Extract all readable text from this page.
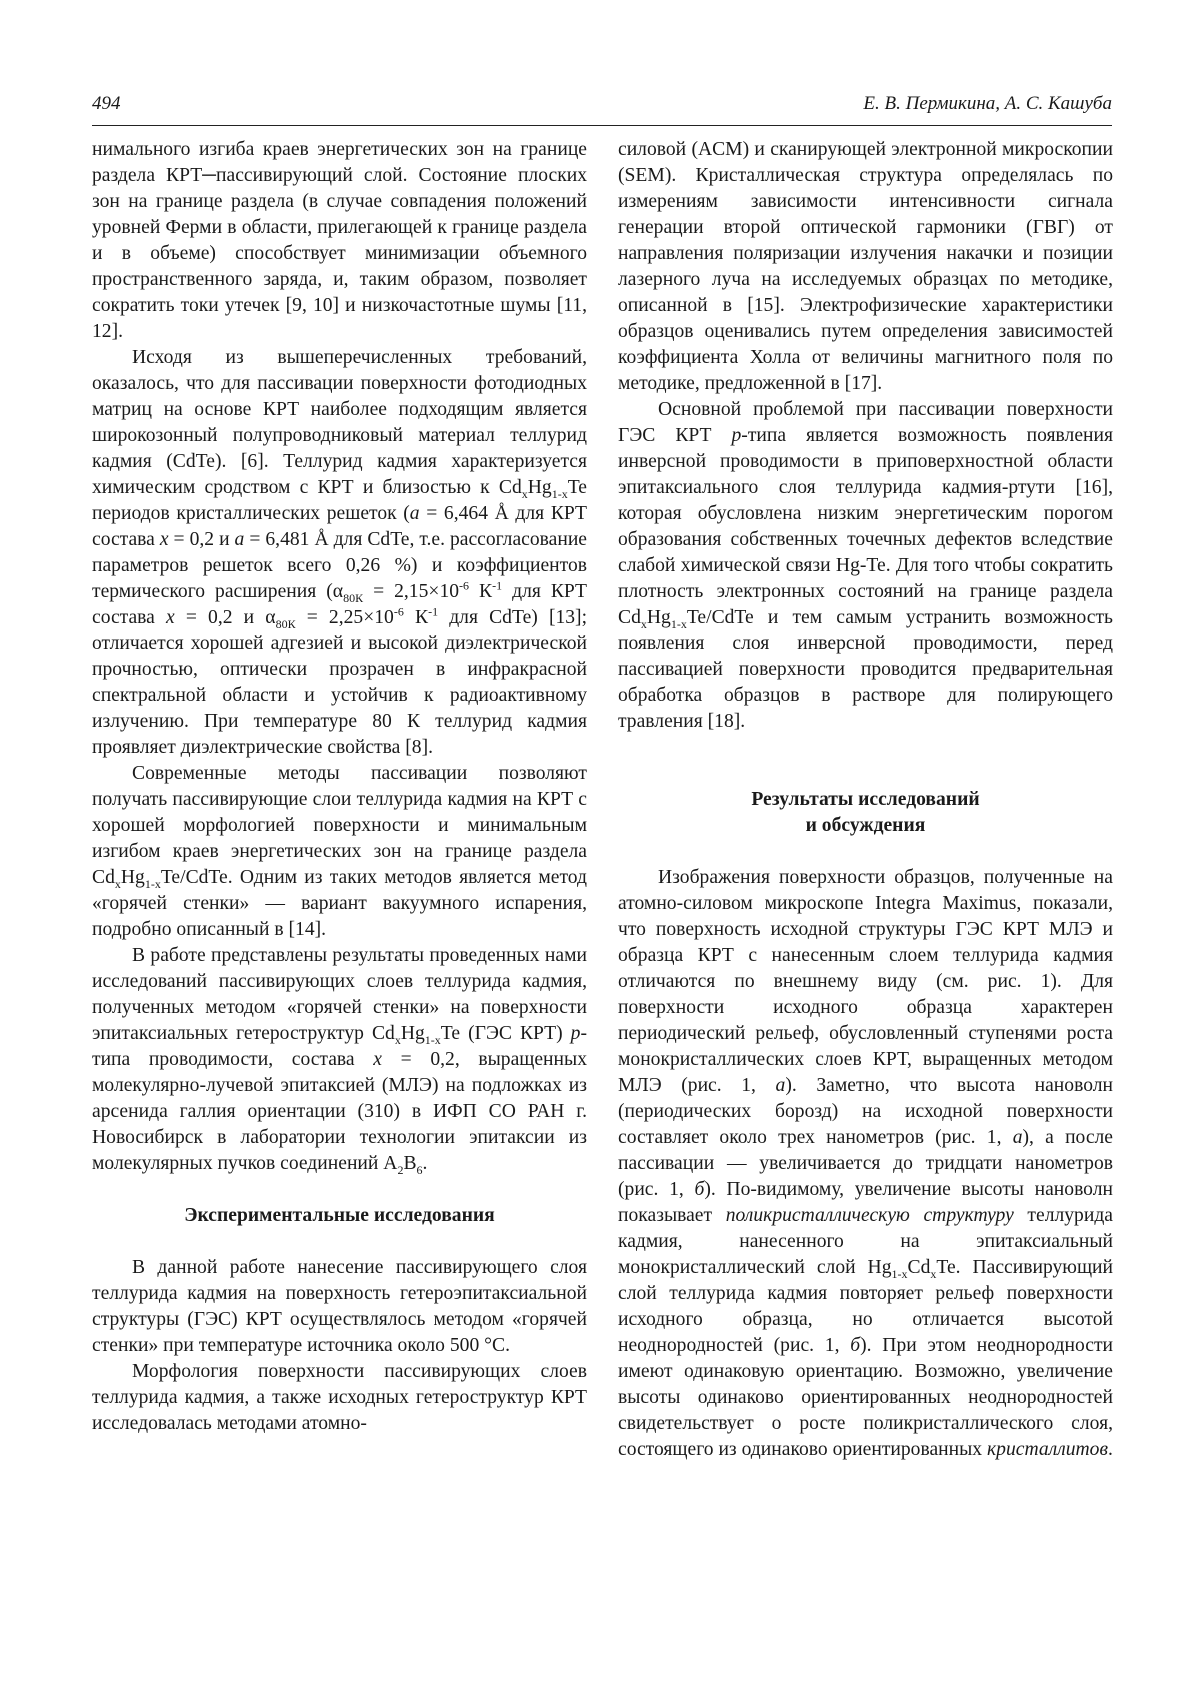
494	Е. В. Пермикина, А. С. Кашуба

нимального изгиба краев энергетических зон на границе раздела КРТ─пассивирующий слой. Состояние плоских зон на границе раздела (в случае совпадения положений уровней Ферми в области, прилегающей к границе раздела и в объеме) способствует минимизации объемного пространственного заряда, и, таким образом, позволяет сократить токи утечек [9, 10] и низкочастотные шумы [11, 12].

Исходя из вышеперечисленных требований, оказалось, что для пассивации поверхности фотодиодных матриц на основе КРТ наиболее подходящим является широкозонный полупроводниковый материал теллурид кадмия (CdTe). [6]. Теллурид кадмия характеризуется химическим сродством с КРТ и близостью к $Cd_xHg_{1-x}Te$ периодов кристаллических решеток (a = 6,464 Å для КРТ состава x = 0,2 и a = 6,481 Å для CdTe, т.е. рассогласование параметров решеток всего 0,26 %) и коэффициентов термического расширения ($\alpha_{80К} = 2,15\times 10^{-6}$ $К^{-1}$ для КРТ состава x = 0,2 и $\alpha_{80К} = 2,25\times 10^{-6}$ $К^{-1}$ для CdTe) [13]; отличается хорошей адгезией и высокой диэлектрической прочностью, оптически прозрачен в инфракрасной спектральной области и устойчив к радиоактивному излучению. При температуре 80 К теллурид кадмия проявляет диэлектрические свойства [8].

Современные методы пассивации позволяют получать пассивирующие слои теллурида кадмия на КРТ с хорошей морфологией поверхности и минимальным изгибом краев энергетических зон на границе раздела $Cd_xHg_{1-x}Te$/CdTe. Одним из таких методов является метод «горячей стенки» — вариант вакуумного испарения, подробно описанный в [14].

В работе представлены результаты проведенных нами исследований пассивирующих слоев теллурида кадмия, полученных методом «горячей стенки» на поверхности эпитаксиальных гетероструктур $Cd_xHg_{1-x}Te$ (ГЭС КРТ) p-типа проводимости, состава x = 0,2, выращенных молекулярно-лучевой эпитаксией (МЛЭ) на подложках из арсенида галлия ориентации (310) в ИФП СО РАН г. Новосибирск в лаборатории технологии эпитаксии из молекулярных пучков соединений $A_2B_6$.

Экспериментальные исследования

В данной работе нанесение пассивирующего слоя теллурида кадмия на поверхность гетероэпитаксиальной структуры (ГЭС) КРТ осуществлялось методом «горячей стенки» при температуре источника около 500 °C.

Морфология поверхности пассивирующих слоев теллурида кадмия, а также исходных гетероструктур КРТ исследовалась методами атомно-

силовой (ACM) и сканирующей электронной микроскопии (SEM). Кристаллическая структура определялась по измерениям зависимости интенсивности сигнала генерации второй оптической гармоники (ГВГ) от направления поляризации излучения накачки и позиции лазерного луча на исследуемых образцах по методике, описанной в [15]. Электрофизические характеристики образцов оценивались путем определения зависимостей коэффициента Холла от величины магнитного поля по методике, предложенной в [17].

Основной проблемой при пассивации поверхности ГЭС КРТ p-типа является возможность появления инверсной проводимости в приповерхностной области эпитаксиального слоя теллурида кадмия-ртути [16], которая обусловлена низким энергетическим порогом образования собственных точечных дефектов вследствие слабой химической связи Hg-Te. Для того чтобы сократить плотность электронных состояний на границе раздела $Cd_xHg_{1-x}Te$/CdTe и тем самым устранить возможность появления слоя инверсной проводимости, перед пассивацией поверхности проводится предварительная обработка образцов в растворе для полирующего травления [18].

Результаты исследований
и обсуждения

Изображения поверхности образцов, полученные на атомно-силовом микроскопе Integra Maximus, показали, что поверхность исходной структуры ГЭС КРТ МЛЭ и образца КРТ с нанесенным слоем теллурида кадмия отличаются по внешнему виду (см. рис. 1). Для поверхности исходного образца характерен периодический рельеф, обусловленный ступенями роста монокристаллических слоев КРТ, выращенных методом МЛЭ (рис. 1, a). Заметно, что высота нановолн (периодических борозд) на исходной поверхности составляет около трех нанометров (рис. 1, a), а после пассивации — увеличивается до тридцати нанометров (рис. 1, б). По-видимому, увеличение высоты нановолн показывает поликристаллическую структуру теллурида кадмия, нанесенного на эпитаксиальный монокристаллический слой $Hg_{1-x}Cd_xTe$. Пассивирующий слой теллурида кадмия повторяет рельеф поверхности исходного образца, но отличается высотой неоднородностей (рис. 1, б). При этом неоднородности имеют одинаковую ориентацию. Возможно, увеличение высоты одинаково ориентированных неоднородностей свидетельствует о росте поликристаллического слоя, состоящего из одинаково ориентированных кристаллитов.
